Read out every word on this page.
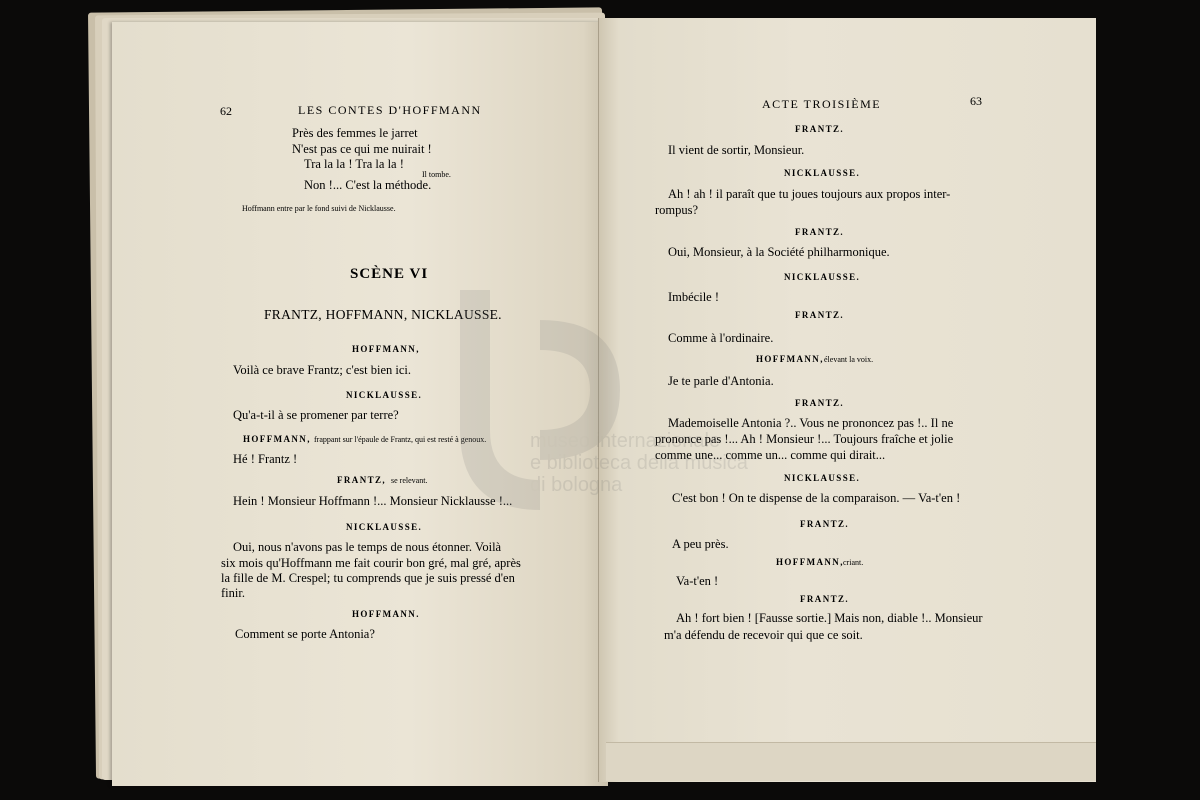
62	LES CONTES D'HOFFMANN

Près des femmes le jarret

N'est pas ce qui me nuirait !

Tra la la ! Tra la la !

Il tombe.

Non !... C'est la méthode.

Hoffmann entre par le fond suivi de Nicklausse.

SCÈNE VI

FRANTZ, HOFFMANN, NICKLAUSSE.

HOFFMANN,

Voilà ce brave Frantz; c'est bien ici.

NICKLAUSSE.

Qu'a-t-il à se promener par terre?

HOFFMANN, frappant sur l'épaule de Frantz, qui est resté à genoux.

Hé ! Frantz !

FRANTZ, se relevant.

Hein ! Monsieur Hoffmann !... Monsieur Nicklausse !...

NICKLAUSSE.

Oui, nous n'avons pas le temps de nous étonner. Voilà

six mois qu'Hoffmann me fait courir bon gré, mal gré, après

la fille de M. Crespel; tu comprends que je suis pressé d'en

finir.

HOFFMANN.

Comment se porte Antonia?

ACTE TROISIÈME	63

FRANTZ.

Il vient de sortir, Monsieur.

NICKLAUSSE.

Ah ! ah ! il paraît que tu joues toujours aux propos inter-

rompus?

FRANTZ.

Oui, Monsieur, à la Société philharmonique.

NICKLAUSSE.

Imbécile !

FRANTZ.

Comme à l'ordinaire.

HOFFMANN, élevant la voix.

Je te parle d'Antonia.

FRANTZ.

Mademoiselle Antonia ?.. Vous ne prononcez pas !.. Il ne

prononce pas !... Ah ! Monsieur !... Toujours fraîche et jolie

comme une... comme un... comme qui dirait...

NICKLAUSSE.

C'est bon ! On te dispense de la comparaison. — Va-t'en !

FRANTZ.

A peu près.

HOFFMANN, criant.

Va-t'en !

FRANTZ.

Ah ! fort bien ! [Fausse sortie.] Mais non, diable !.. Monsieur

m'a défendu de recevoir qui que ce soit.
